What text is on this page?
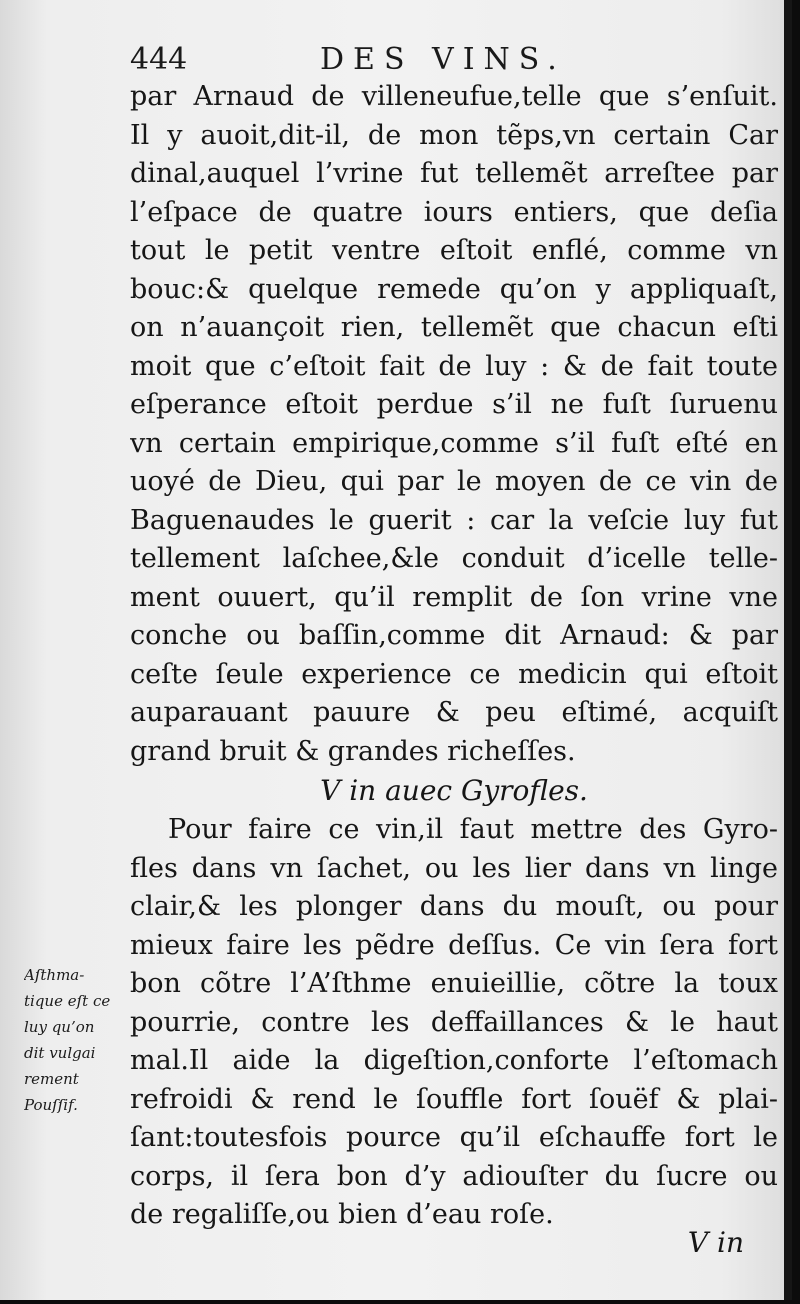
444	DES VINS.
par Arnaud de villeneufue,telle que s’enſuit.
Il y auoit,dit-il, de mon tẽps,vn certain Car
dinal,auquel l’vrine fut tellemẽt arreſtee par
l’eſpace de quatre iours entiers, que deſia
tout le petit ventre eſtoit enflé, comme vn
bouc:& quelque remede qu’on y appliquaſt,
on n’auançoit rien, tellemẽt que chacun eſti
moit que c’eſtoit fait de luy : & de fait toute
eſperance eſtoit perdue s’il ne fuſt ſuruenu
vn certain empirique,comme s’il fuſt eſté en
uoyé de Dieu, qui par le moyen de ce vin de
Baguenaudes le guerit : car la veſcie luy fut
tellement laſchee,&le conduit d’icelle telle-
ment ouuert, qu’il remplit de ſon vrine vne
conche ou baſſin,comme dit Arnaud: & par
ceſte ſeule experience ce medicin qui eſtoit
auparauant pauure & peu eſtimé, acquiſt
grand bruit & grandes richeſſes.
V in auec Gyrofles.
Pour faire ce vin,il faut mettre des Gyro-
fles dans vn ſachet, ou les lier dans vn linge
clair,& les plonger dans du mouſt, ou pour
mieux faire les pẽdre deſſus. Ce vin ſera fort
bon cõtre l’A’ſthme enuieillie, cõtre la toux
pourrie, contre les deffaillances & le haut
mal.Il aide la digeſtion,conforte l’eſtomach
refroidi & rend le ſouffle fort ſouëf & plai-
ſant:toutesfois pource qu’il eſchauffe fort le
corps, il ſera bon d’y adiouſter du ſucre ou
de regaliſſe,ou bien d’eau roſe.
Aſthma-
tique eſt ce
luy qu’on
dit vulgai
rement
Pouſſif.
V in
